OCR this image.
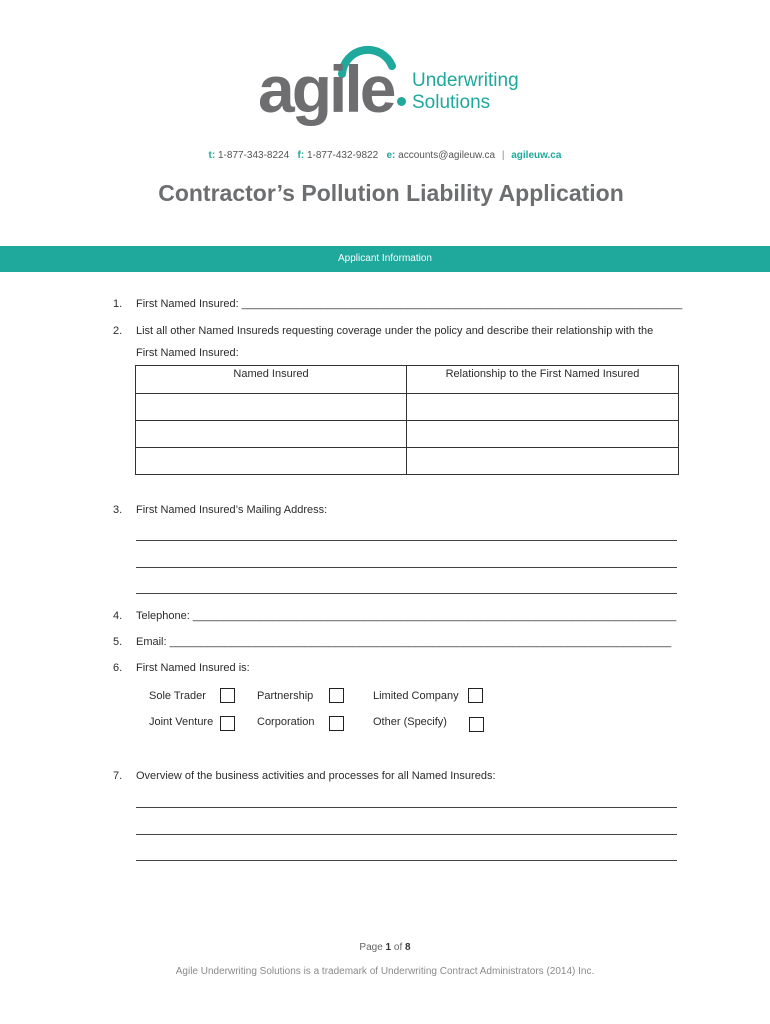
agile Underwriting
Solutions
t: 1-877-343-8224 f: 1-877-432-9822 e: accounts@agileuw.ca | agileuw.ca
Contractor’s Pollution Liability Application
Applicant Information
1. First Named Insured: ________________________________________________________________________
2. List all other Named Insureds requesting coverage under the policy and describe their relationship with the
First Named Insured:
Named Insured	Relationship to the First Named Insured

3. First Named Insured’s Mailing Address:
4. Telephone: _______________________________________________________________________________
5. Email: __________________________________________________________________________________
6. First Named Insured is:
Sole Trader	Partnership	Limited Company
Joint Venture	Corporation	Other (Specify)
7. Overview of the business activities and processes for all Named Insureds:
Page 1 of 8
Agile Underwriting Solutions is a trademark of Underwriting Contract Administrators (2014) Inc.
